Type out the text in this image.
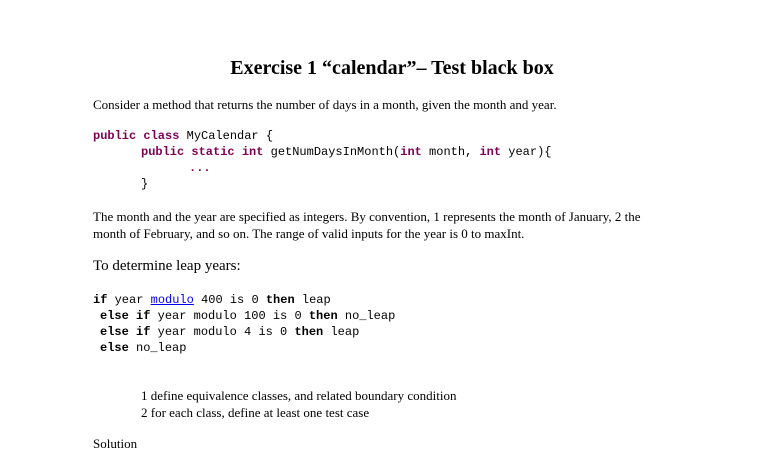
Exercise 1 “calendar”– Test black box
Consider a method that returns the number of days in a month, given the month and year.
public class MyCalendar {
public static int getNumDaysInMonth(int month, int year){
...
}
The month and the year are specified as integers. By convention, 1 represents the month of January, 2 the
month of February, and so on. The range of valid inputs for the year is 0 to maxInt.
To determine leap years:
if year modulo 400 is 0 then leap
else if year modulo 100 is 0 then no_leap
else if year modulo 4 is 0 then leap
else no_leap
1 define equivalence classes, and related boundary condition
2 for each class, define at least one test case
Solution
